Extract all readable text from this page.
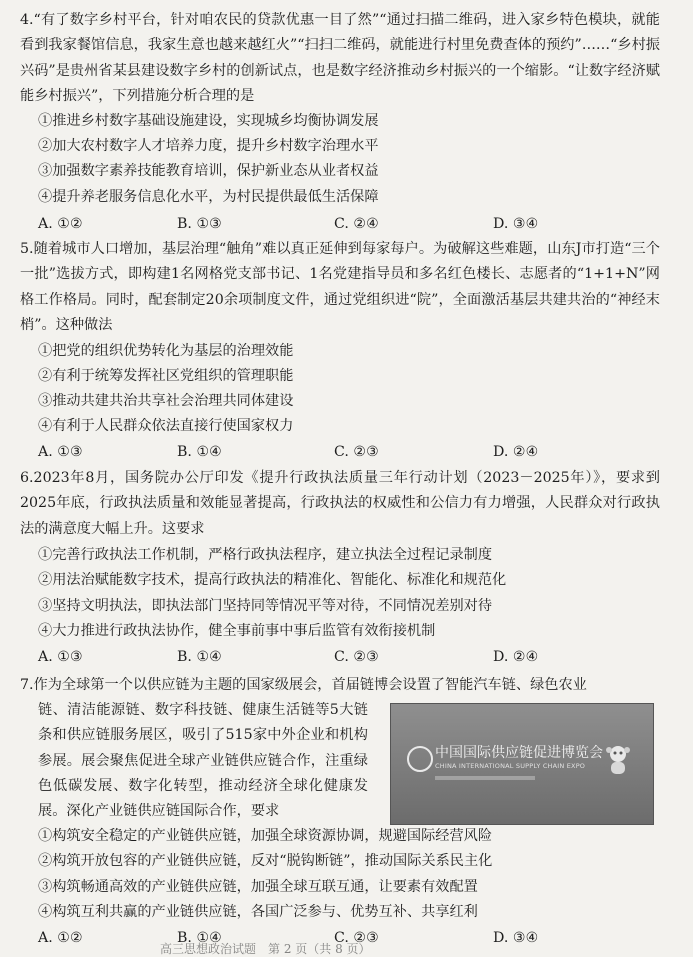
4.“有了数字乡村平台，针对咱农民的贷款优惠一目了然”“通过扫描二维码，进入家乡特色模块，就能看到我家餐馆信息，我家生意也越来越红火”“扫扫二维码，就能进行村里免费查体的预约”……“乡村振兴码”是贵州省某县建设数字乡村的创新试点，也是数字经济推动乡村振兴的一个缩影。“让数字经济赋能乡村振兴”，下列措施分析合理的是
①推进乡村数字基础设施建设，实现城乡均衡协调发展
②加大农村数字人才培养力度，提升乡村数字治理水平
③加强数字素养技能教育培训，保护新业态从业者权益
④提升养老服务信息化水平，为村民提供最低生活保障
A. ①②	B. ①③	C. ②④	D. ③④
5.随着城市人口增加，基层治理“触角”难以真正延伸到每家每户。为破解这些难题，山东J市打造“三个一批”选拔方式，即构建1名网格党支部书记、1名党建指导员和多名红色楼长、志愿者的“1+1+N”网格工作格局。同时，配套制定20余项制度文件，通过党组织进“院”，全面激活基层共建共治的“神经末梢”。这种做法
①把党的组织优势转化为基层的治理效能
②有利于统筹发挥社区党组织的管理职能
③推动共建共治共享社会治理共同体建设
④有利于人民群众依法直接行使国家权力
A. ①③	B. ①④	C. ②③	D. ②④
6.2023年8月，国务院办公厅印发《提升行政执法质量三年行动计划（2023－2025年）》，要求到2025年底，行政执法质量和效能显著提高，行政执法的权威性和公信力有力增强，人民群众对行政执法的满意度大幅上升。这要求
①完善行政执法工作机制，严格行政执法程序，建立执法全过程记录制度
②用法治赋能数字技术，提高行政执法的精准化、智能化、标准化和规范化
③坚持文明执法，即执法部门坚持同等情况平等对待，不同情况差别对待
④大力推进行政执法协作，健全事前事中事后监管有效衔接机制
A. ①③	B. ①④	C. ②③	D. ②④
7.作为全球第一个以供应链为主题的国家级展会，首届链博会设置了智能汽车链、绿色农业
链、清洁能源链、数字科技链、健康生活链等5大链条和供应链服务展区，吸引了515家中外企业和机构参展。展会聚焦促进全球产业链供应链合作，注重绿色低碳发展、数字化转型，推动经济全球化健康发展。深化产业链供应链国际合作，要求
中国国际供应链促进博览会
CHINA INTERNATIONAL SUPPLY CHAIN EXPO
①构筑安全稳定的产业链供应链，加强全球资源协调，规避国际经营风险
②构筑开放包容的产业链供应链，反对“脱钩断链”，推动国际关系民主化
③构筑畅通高效的产业链供应链，加强全球互联互通，让要素有效配置
④构筑互利共赢的产业链供应链，各国广泛参与、优势互补、共享红利
A. ①②	B. ①④	C. ②③	D. ③④
高三思想政治试题　第 2 页（共 8 页）
